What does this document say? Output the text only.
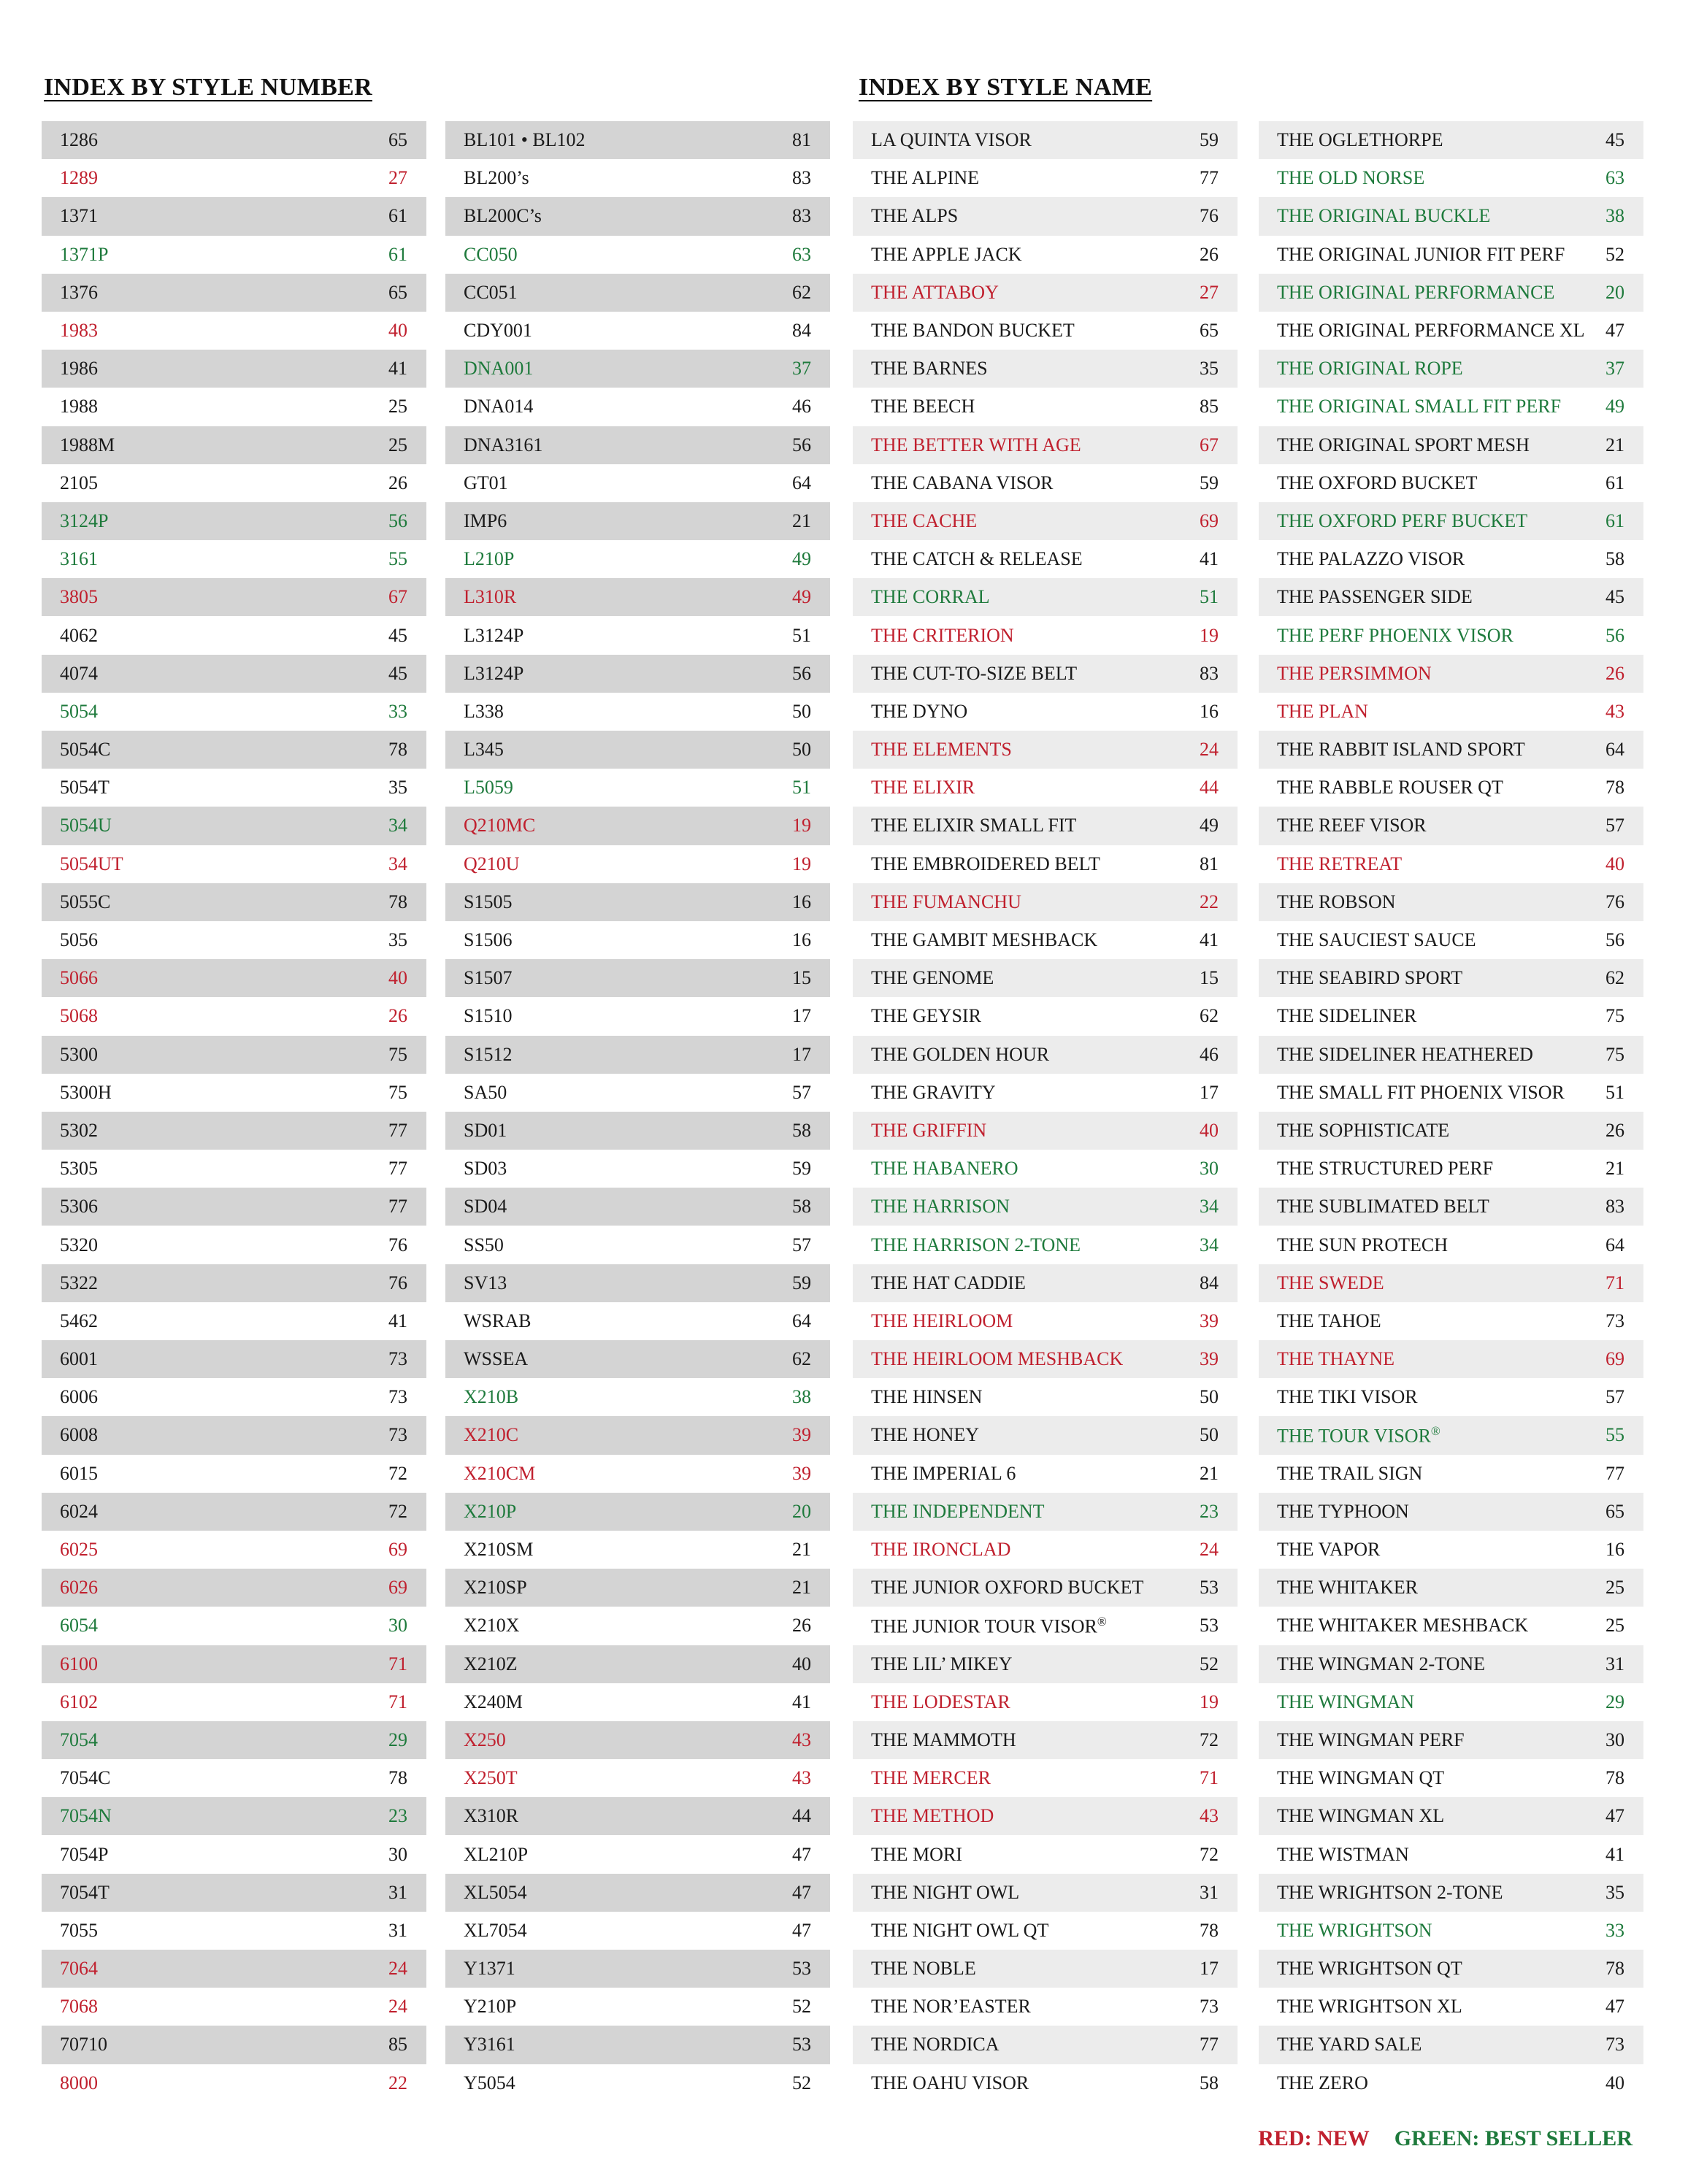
INDEX BY STYLE NUMBER	INDEX BY STYLE NAME
1286	65
1289	27
1371	61
1371P	61
1376	65
1983	40
1986	41
1988	25
1988M	25
2105	26
3124P	56
3161	55
3805	67
4062	45
4074	45
5054	33
5054C	78
5054T	35
5054U	34
5054UT	34
5055C	78
5056	35
5066	40
5068	26
5300	75
5300H	75
5302	77
5305	77
5306	77
5320	76
5322	76
5462	41
6001	73
6006	73
6008	73
6015	72
6024	72
6025	69
6026	69
6054	30
6100	71
6102	71
7054	29
7054C	78
7054N	23
7054P	30
7054T	31
7055	31
7064	24
7068	24
70710	85
8000	22
BL101 • BL102	81
BL200’s	83
BL200C’s	83
CC050	63
CC051	62
CDY001	84
DNA001	37
DNA014	46
DNA3161	56
GT01	64
IMP6	21
L210P	49
L310R	49
L3124P	51
L3124P	56
L338	50
L345	50
L5059	51
Q210MC	19
Q210U	19
S1505	16
S1506	16
S1507	15
S1510	17
S1512	17
SA50	57
SD01	58
SD03	59
SD04	58
SS50	57
SV13	59
WSRAB	64
WSSEA	62
X210B	38
X210C	39
X210CM	39
X210P	20
X210SM	21
X210SP	21
X210X	26
X210Z	40
X240M	41
X250	43
X250T	43
X310R	44
XL210P	47
XL5054	47
XL7054	47
Y1371	53
Y210P	52
Y3161	53
Y5054	52
LA QUINTA VISOR	59
THE ALPINE	77
THE ALPS	76
THE APPLE JACK	26
THE ATTABOY	27
THE BANDON BUCKET	65
THE BARNES	35
THE BEECH	85
THE BETTER WITH AGE	67
THE CABANA VISOR	59
THE CACHE	69
THE CATCH & RELEASE	41
THE CORRAL	51
THE CRITERION	19
THE CUT-TO-SIZE BELT	83
THE DYNO	16
THE ELEMENTS	24
THE ELIXIR	44
THE ELIXIR SMALL FIT	49
THE EMBROIDERED BELT	81
THE FUMANCHU	22
THE GAMBIT MESHBACK	41
THE GENOME	15
THE GEYSIR	62
THE GOLDEN HOUR	46
THE GRAVITY	17
THE GRIFFIN	40
THE HABANERO	30
THE HARRISON	34
THE HARRISON 2-TONE	34
THE HAT CADDIE	84
THE HEIRLOOM	39
THE HEIRLOOM MESHBACK	39
THE HINSEN	50
THE HONEY	50
THE IMPERIAL 6	21
THE INDEPENDENT	23
THE IRONCLAD	24
THE JUNIOR OXFORD BUCKET	53
THE JUNIOR TOUR VISOR®	53
THE LIL’ MIKEY	52
THE LODESTAR	19
THE MAMMOTH	72
THE MERCER	71
THE METHOD	43
THE MORI	72
THE NIGHT OWL	31
THE NIGHT OWL QT	78
THE NOBLE	17
THE NOR’EASTER	73
THE NORDICA	77
THE OAHU VISOR	58
THE OGLETHORPE	45
THE OLD NORSE	63
THE ORIGINAL BUCKLE	38
THE ORIGINAL JUNIOR FIT PERF 52
THE ORIGINAL PERFORMANCE	20
THE ORIGINAL PERFORMANCE XL 47
THE ORIGINAL ROPE	37
THE ORIGINAL SMALL FIT PERF 49
THE ORIGINAL SPORT MESH	21
THE OXFORD BUCKET	61
THE OXFORD PERF BUCKET	61
THE PALAZZO VISOR	58
THE PASSENGER SIDE	45
THE PERF PHOENIX VISOR	56
THE PERSIMMON	26
THE PLAN	43
THE RABBIT ISLAND SPORT	64
THE RABBLE ROUSER QT	78
THE REEF VISOR	57
THE RETREAT	40
THE ROBSON	76
THE SAUCIEST SAUCE	56
THE SEABIRD SPORT	62
THE SIDELINER	75
THE SIDELINER HEATHERED	75
THE SMALL FIT PHOENIX VISOR 51
THE SOPHISTICATE	26
THE STRUCTURED PERF	21
THE SUBLIMATED BELT	83
THE SUN PROTECH	64
THE SWEDE	71
THE TAHOE	73
THE THAYNE	69
THE TIKI VISOR	57
THE TOUR VISOR®	55
THE TRAIL SIGN	77
THE TYPHOON	65
THE VAPOR	16
THE WHITAKER	25
THE WHITAKER MESHBACK	25
THE WINGMAN 2-TONE	31
THE WINGMAN	29
THE WINGMAN PERF	30
THE WINGMAN QT	78
THE WINGMAN XL	47
THE WISTMAN	41
THE WRIGHTSON 2-TONE	35
THE WRIGHTSON	33
THE WRIGHTSON QT	78
THE WRIGHTSON XL	47
THE YARD SALE	73
THE ZERO	40
RED: NEW GREEN: BEST SELLER
